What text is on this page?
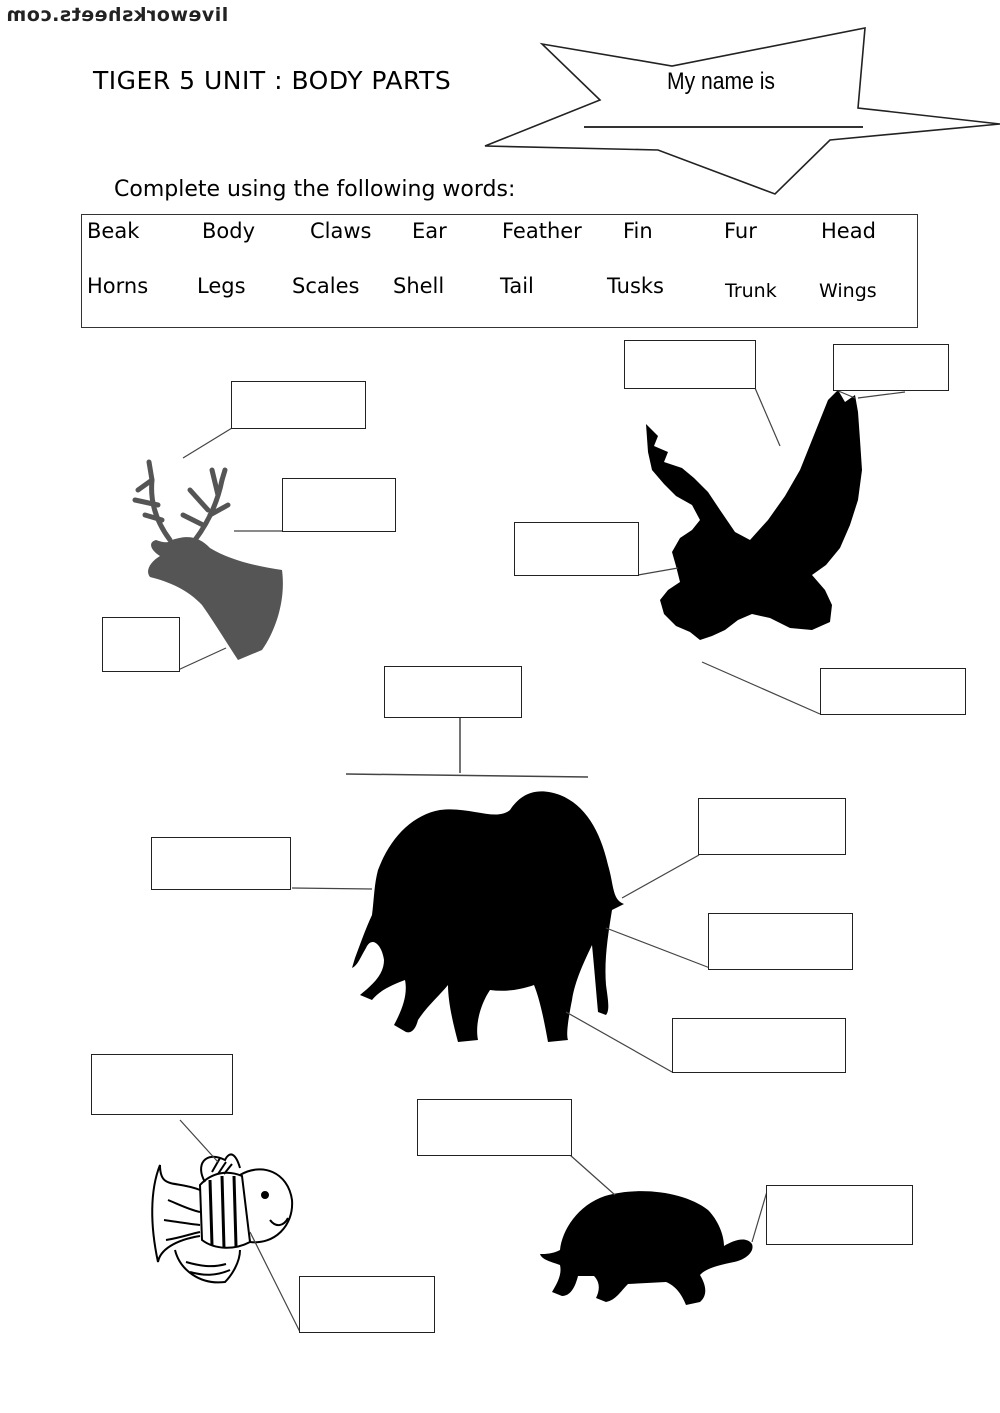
liveworksheets.com
TIGER 5 UNIT : BODY PARTS	My name is
Complete using the following words:
Beak	Body	Claws Ear	Feather Fin	Fur	Head
Horns Legs Scales Shell	Tail	Tusks	Trunk Wings
